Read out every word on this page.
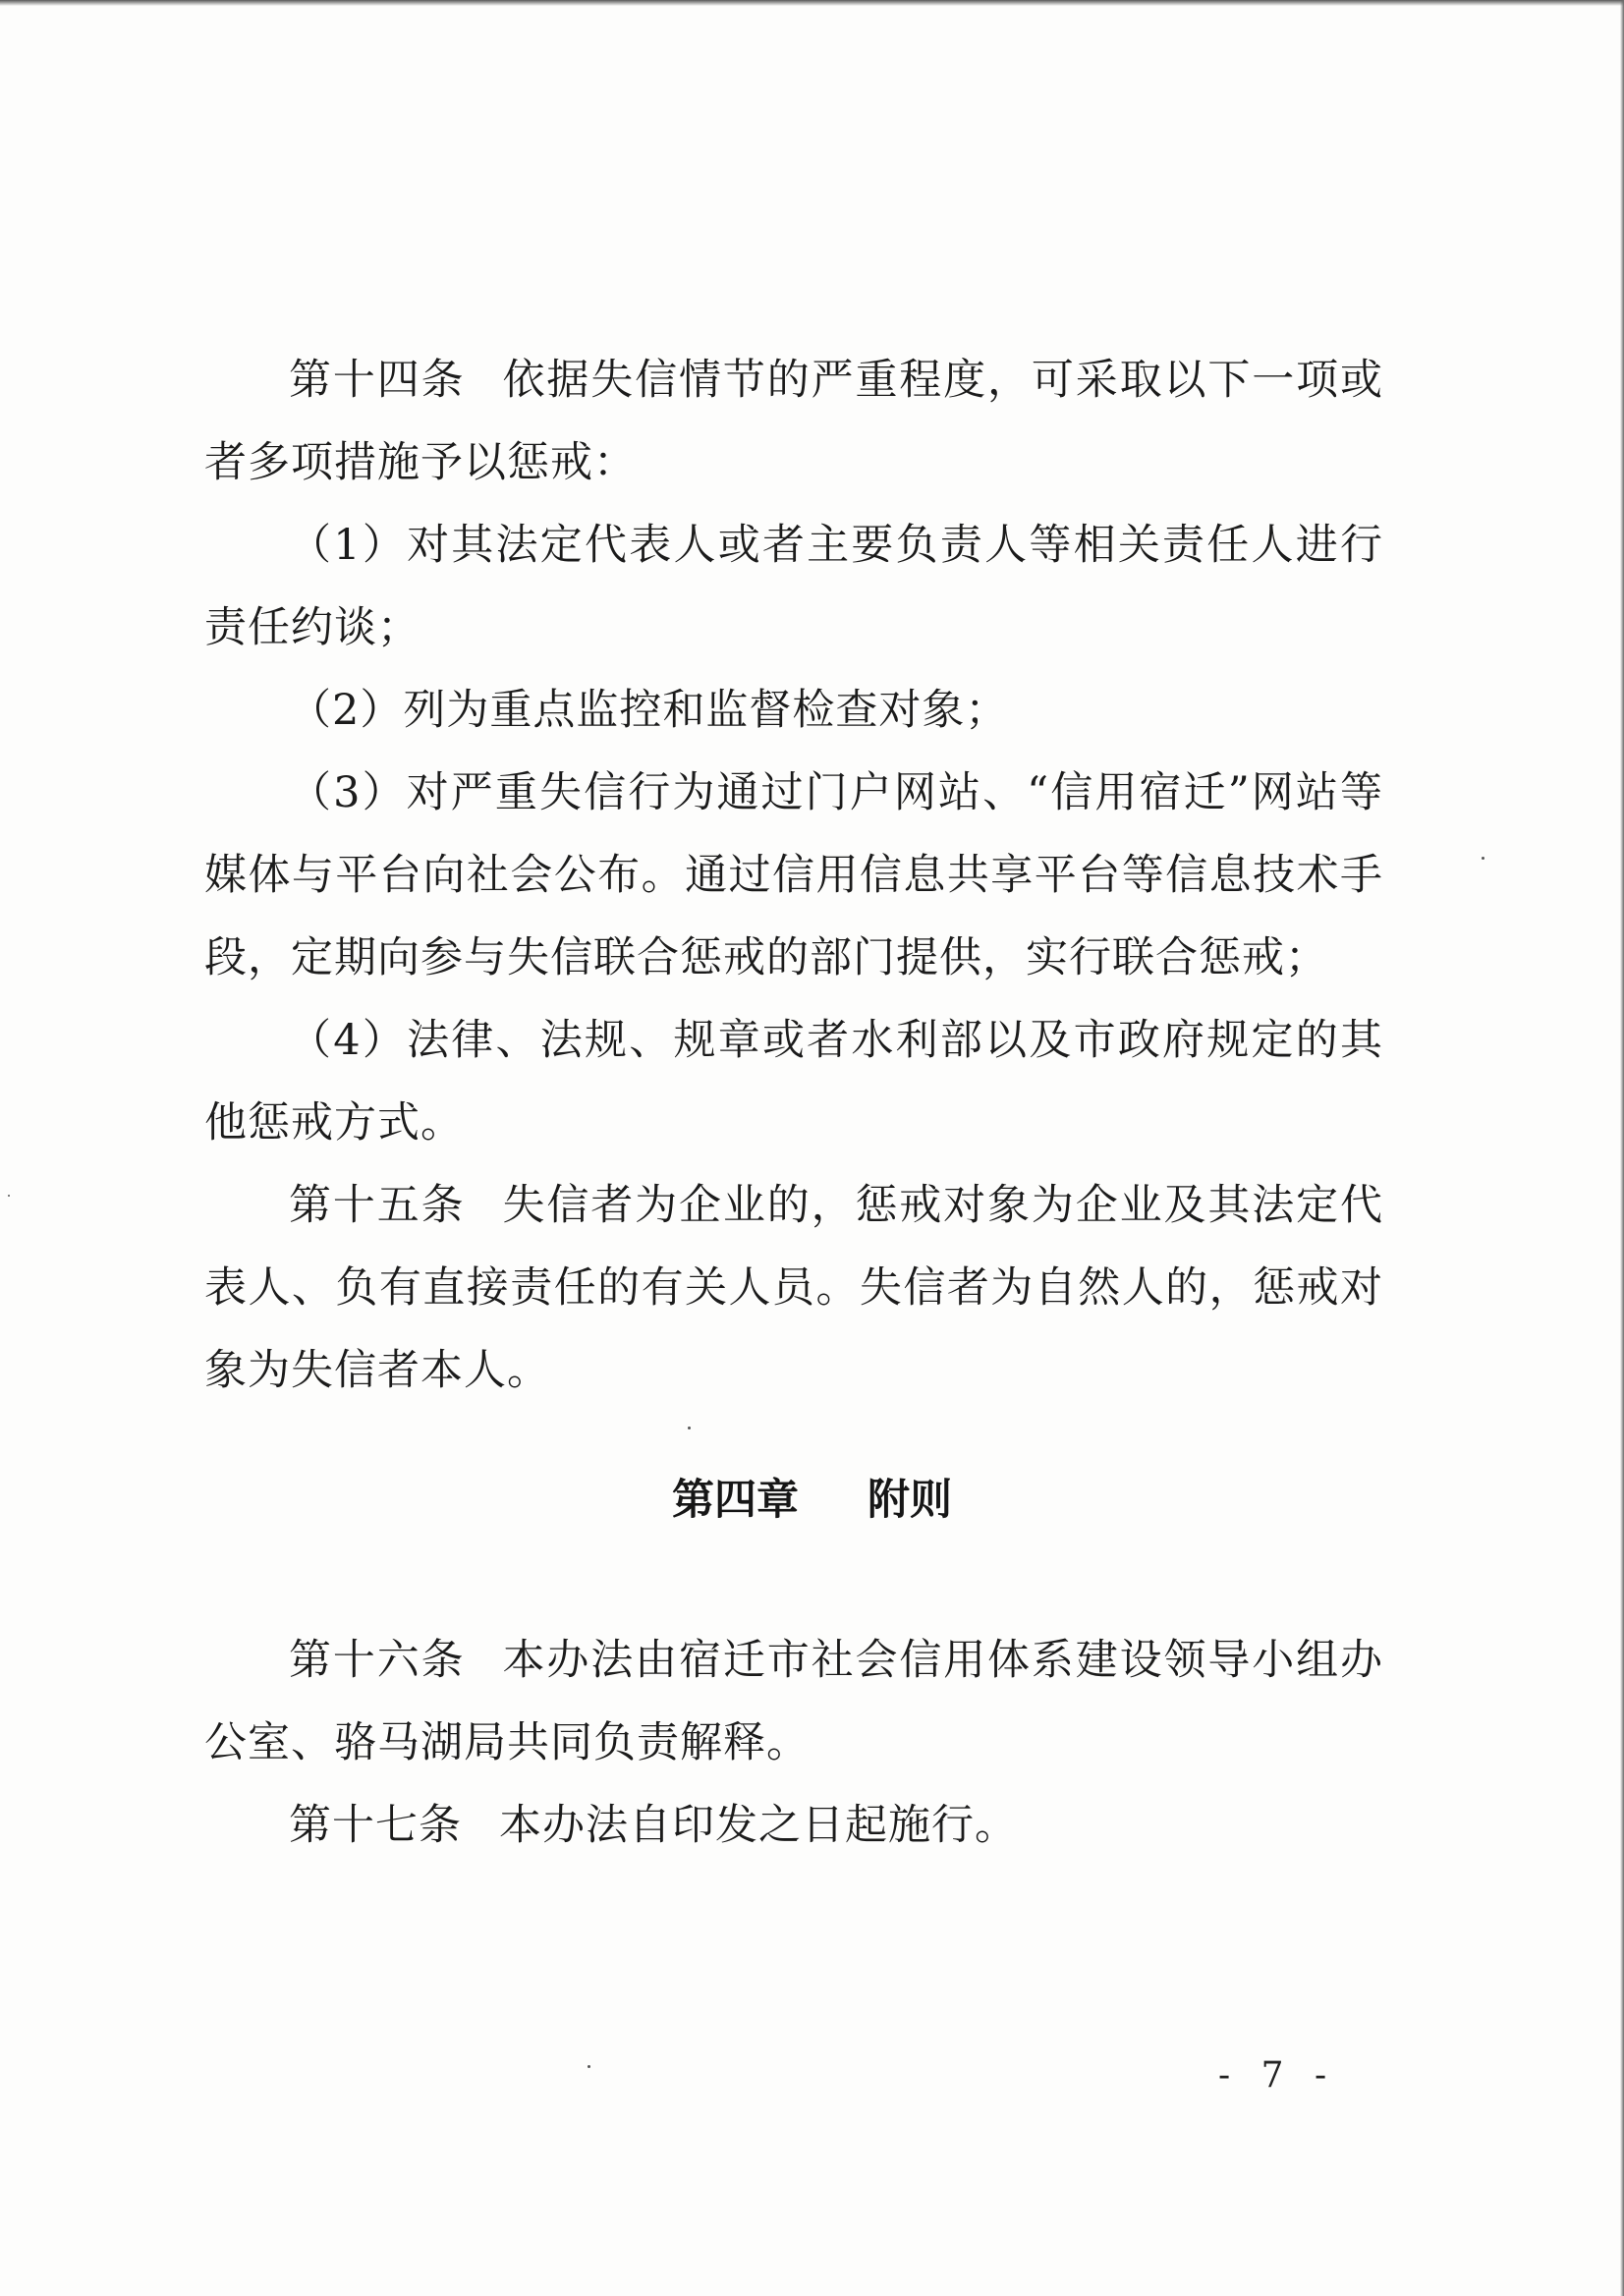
第十四条 依据失信情节的严重程度，可采取以下一项或者多项措施予以惩戒：

（1）对其法定代表人或者主要负责人等相关责任人进行责任约谈；

（2）列为重点监控和监督检查对象；

（3）对严重失信行为通过门户网站、“信用宿迁”网站等媒体与平台向社会公布。通过信用信息共享平台等信息技术手段，定期向参与失信联合惩戒的部门提供，实行联合惩戒；

（4）法律、法规、规章或者水利部以及市政府规定的其他惩戒方式。

第十五条 失信者为企业的，惩戒对象为企业及其法定代表人、负有直接责任的有关人员。失信者为自然人的，惩戒对象为失信者本人。

第四章 附则

第十六条 本办法由宿迁市社会信用体系建设领导小组办公室、骆马湖局共同负责解释。

第十七条 本办法自印发之日起施行。

- 7 -
